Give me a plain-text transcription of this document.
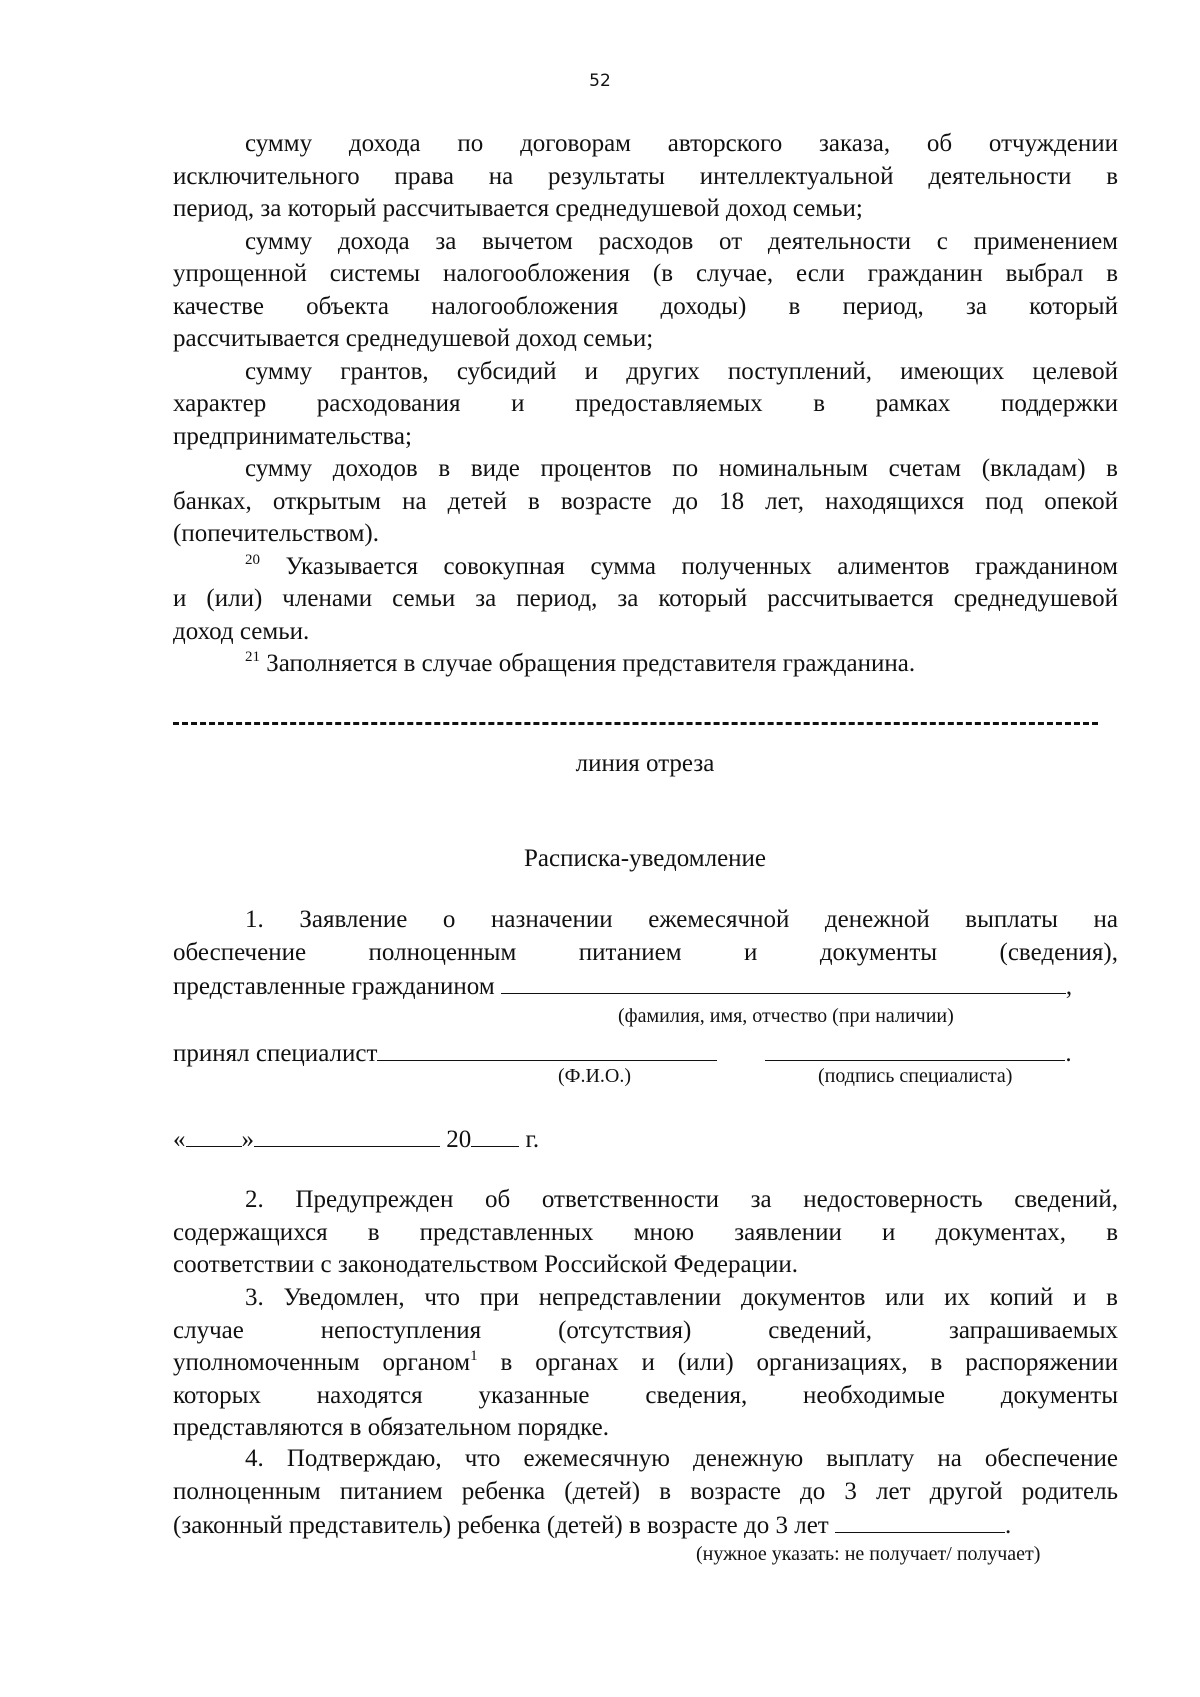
52
сумму дохода по договорам авторского заказа, об отчуждении
исключительного права на результаты интеллектуальной деятельности в
период, за который рассчитывается среднедушевой доход семьи;
сумму дохода за вычетом расходов от деятельности с применением
упрощенной системы налогообложения (в случае, если гражданин выбрал в
качестве объекта налогообложения доходы) в период, за который
рассчитывается среднедушевой доход семьи;
сумму грантов, субсидий и других поступлений, имеющих целевой
характер расходования и предоставляемых в рамках поддержки
предпринимательства;
сумму доходов в виде процентов по номинальным счетам (вкладам) в
банках, открытым на детей в возрасте до 18 лет, находящихся под опекой
(попечительством).
$^{20}$ Указывается совокупная сумма полученных алиментов гражданином
и (или) членами семьи за период, за который рассчитывается среднедушевой
доход семьи.
$^{21}$ Заполняется в случае обращения представителя гражданина.
линия отреза
Расписка-уведомление
1. Заявление о назначении ежемесячной денежной выплаты на
обеспечение полноценным питанием и документы (сведения),
представленные гражданином	,
(фамилия, имя, отчество (при наличии)
принял специалист	.
(Ф.И.О.)	(подпись специалиста)
« »	20 г.
2. Предупрежден об ответственности за недостоверность сведений,
содержащихся в представленных мною заявлении и документах, в
соответствии с законодательством Российской Федерации.
3. Уведомлен, что при непредставлении документов или их копий и в
случае непоступления (отсутствия) сведений, запрашиваемых
уполномоченным органом$^1$ в органах и (или) организациях, в распоряжении
которых находятся указанные сведения, необходимые документы
представляются в обязательном порядке.
4. Подтверждаю, что ежемесячную денежную выплату на обеспечение
полноценным питанием ребенка (детей) в возрасте до 3 лет другой родитель
(законный представитель) ребенка (детей) в возрасте до 3 лет	.
(нужное указать: не получает/ получает)
